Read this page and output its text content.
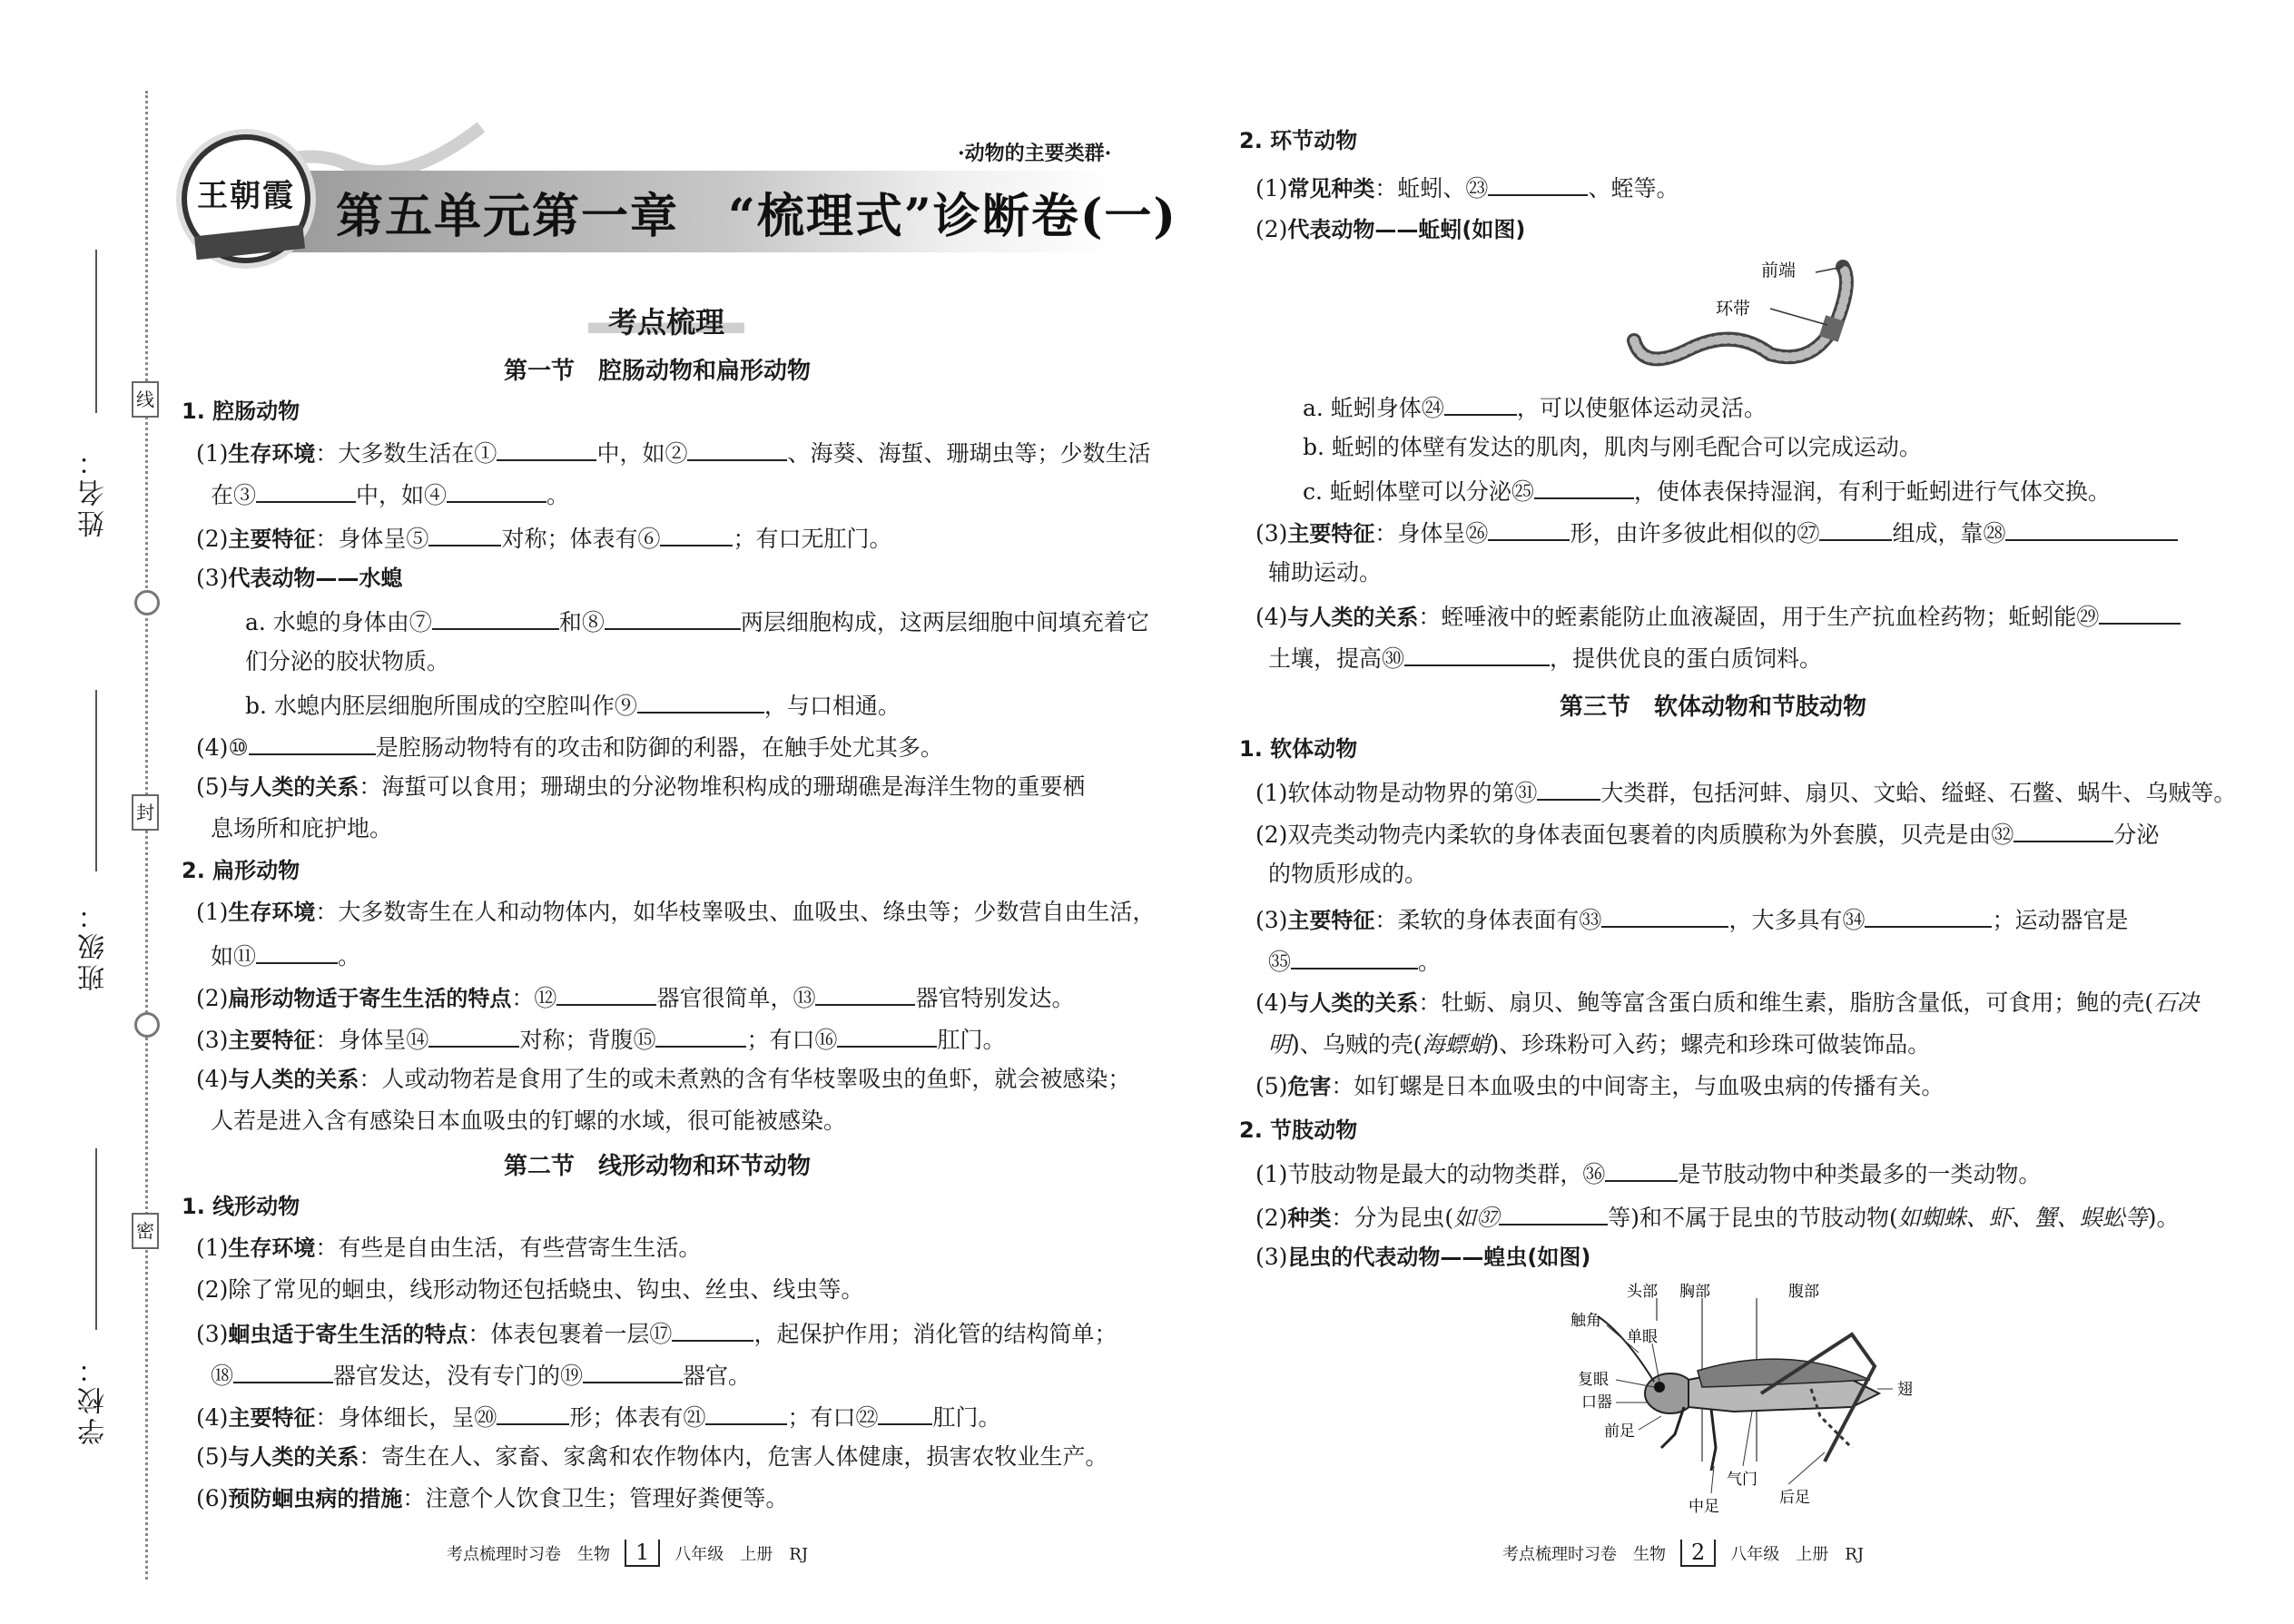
姓名：
班级：
学校：
线
封
密
王朝霞
·动物的主要类群·
第五单元第一章　“梳理式”诊断卷(一)
考点梳理
第一节　腔肠动物和扁形动物
1. 腔肠动物
(1)生存环境：大多数生活在①	中，如②	、海葵、海蜇、珊瑚虫等；少数生活
在③	中，如④	。
(2)主要特征：身体呈⑤	对称；体表有⑥	；有口无肛门。
(3)代表动物——水螅
a. 水螅的身体由⑦	和⑧	两层细胞构成，这两层细胞中间填充着它
们分泌的胶状物质。
b. 水螅内胚层细胞所围成的空腔叫作⑨	，与口相通。
(4)⑩	是腔肠动物特有的攻击和防御的利器，在触手处尤其多。
(5)与人类的关系：海蜇可以食用；珊瑚虫的分泌物堆积构成的珊瑚礁是海洋生物的重要栖
息场所和庇护地。
2. 扁形动物
(1)生存环境：大多数寄生在人和动物体内，如华枝睾吸虫、血吸虫、绦虫等；少数营自由生活，
如⑪	。
(2)扁形动物适于寄生生活的特点：⑫	器官很简单，⑬	器官特别发达。
(3)主要特征：身体呈⑭	对称；背腹⑮	；有口⑯	肛门。
(4)与人类的关系：人或动物若是食用了生的或未煮熟的含有华枝睾吸虫的鱼虾，就会被感染；
人若是进入含有感染日本血吸虫的钉螺的水域，很可能被感染。
第二节　线形动物和环节动物
1. 线形动物
(1)生存环境：有些是自由生活，有些营寄生生活。
(2)除了常见的蛔虫，线形动物还包括蛲虫、钩虫、丝虫、线虫等。
(3)蛔虫适于寄生生活的特点：体表包裹着一层⑰	，起保护作用；消化管的结构简单；
⑱	器官发达，没有专门的⑲	器官。
(4)主要特征：身体细长，呈⑳	形；体表有㉑	；有口㉒ 肛门。
(5)与人类的关系：寄生在人、家畜、家禽和农作物体内，危害人体健康，损害农牧业生产。
(6)预防蛔虫病的措施：注意个人饮食卫生；管理好粪便等。
考点梳理时习卷　生物 1 八年级　上册　RJ
2. 环节动物
(1)常见种类：蚯蚓、㉓	、蛭等。
(2)代表动物——蚯蚓(如图)
前端
环带
a. 蚯蚓身体㉔	，可以使躯体运动灵活。
b. 蚯蚓的体壁有发达的肌肉，肌肉与刚毛配合可以完成运动。
c. 蚯蚓体壁可以分泌㉕	，使体表保持湿润，有利于蚯蚓进行气体交换。
(3)主要特征：身体呈㉖	形，由许多彼此相似的㉗	组成，靠㉘
辅助运动。
(4)与人类的关系：蛭唾液中的蛭素能防止血液凝固，用于生产抗血栓药物；蚯蚓能㉙
土壤，提高㉚	，提供优良的蛋白质饲料。
第三节　软体动物和节肢动物
1. 软体动物
(1)软体动物是动物界的第㉛	大类群，包括河蚌、扇贝、文蛤、缢蛏、石鳖、蜗牛、乌贼等。
(2)双壳类动物壳内柔软的身体表面包裹着的肉质膜称为外套膜，贝壳是由㉜	分泌
的物质形成的。
(3)主要特征：柔软的身体表面有㉝	，大多具有㉞	；运动器官是
㉟	。
(4)与人类的关系：牡蛎、扇贝、鲍等富含蛋白质和维生素，脂肪含量低，可食用；鲍的壳(石决
明)、乌贼的壳(海螵蛸)、珍珠粉可入药；螺壳和珍珠可做装饰品。
(5)危害：如钉螺是日本血吸虫的中间寄主，与血吸虫病的传播有关。
2. 节肢动物
(1)节肢动物是最大的动物类群，㊱	是节肢动物中种类最多的一类动物。
(2)种类：分为昆虫(如㊲	等)和不属于昆虫的节肢动物(如蜘蛛、虾、蟹、蜈蚣等)。
(3)昆虫的代表动物——蝗虫(如图)
头部 胸部	腹部
触角
单眼
复眼
口器
前足
气门
后足
中足
翅
考点梳理时习卷　生物 2 八年级　上册　RJ
